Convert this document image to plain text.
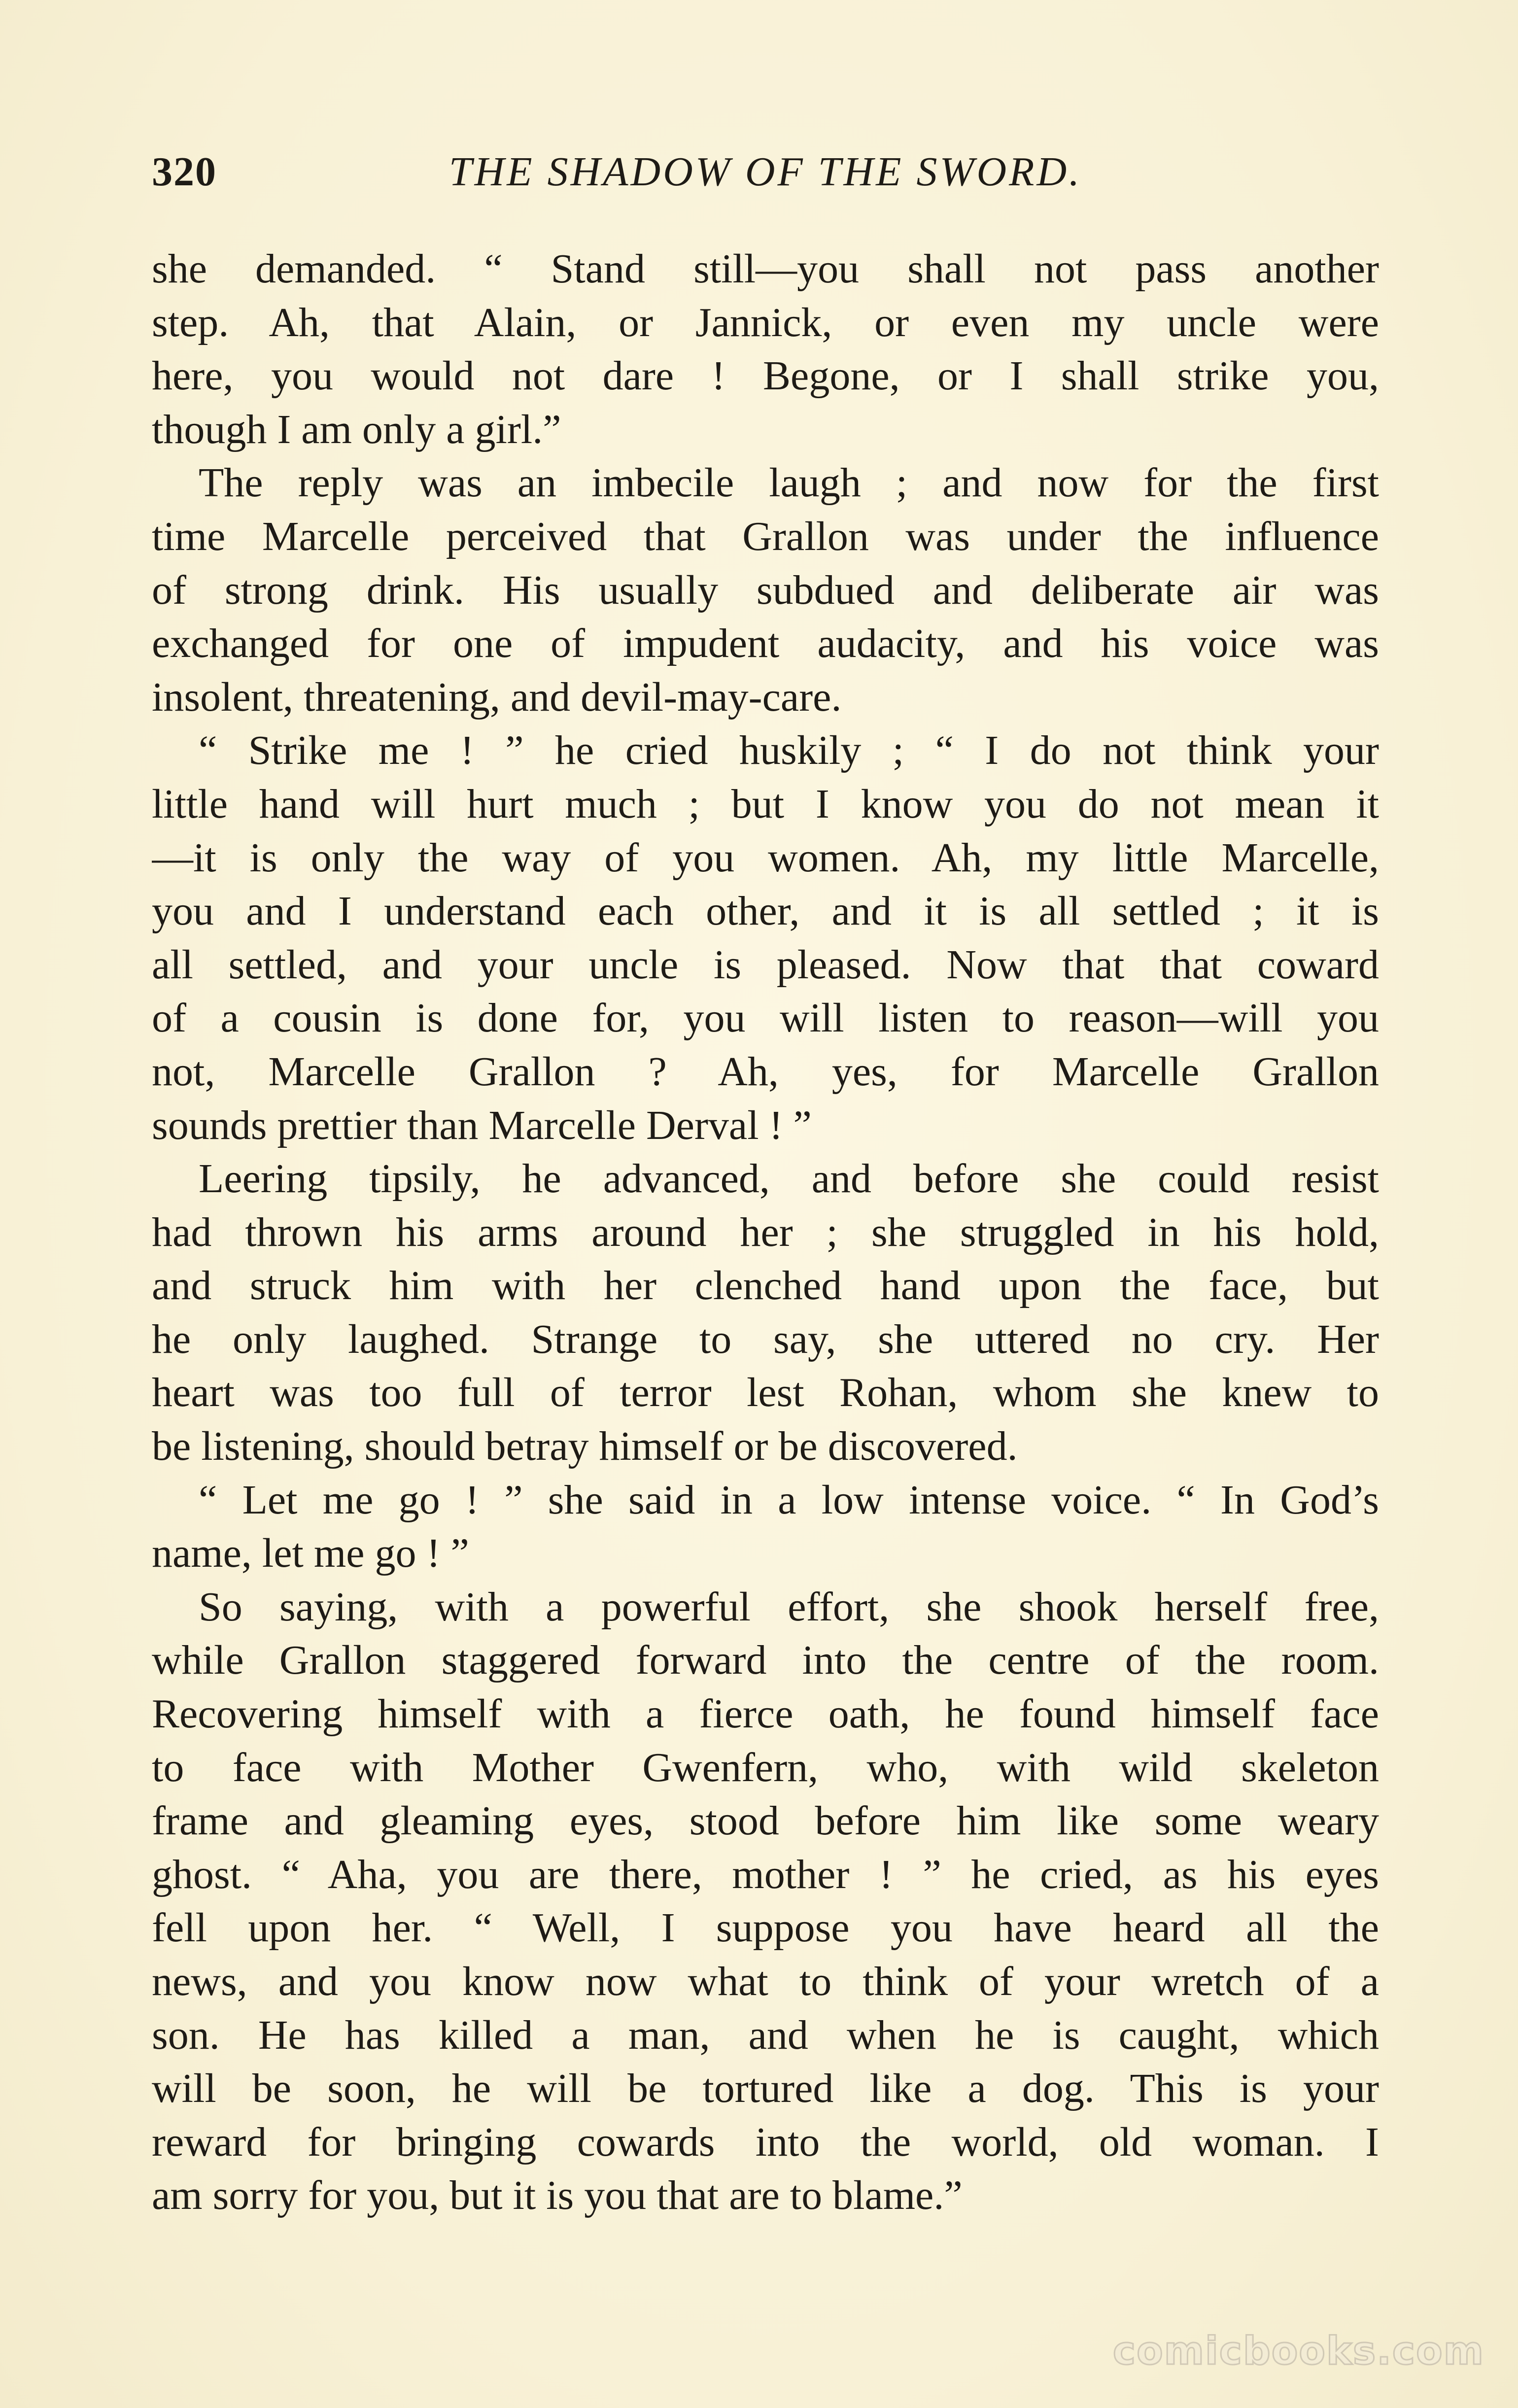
320	THE SHADOW OF THE SWORD.
she demanded. “ Stand still—you shall not pass another
step. Ah, that Alain, or Jannick, or even my uncle were
here, you would not dare ! Begone, or I shall strike you,
though I am only a girl.”
The reply was an imbecile laugh ; and now for the first
time Marcelle perceived that Grallon was under the influence
of strong drink. His usually subdued and deliberate air was
exchanged for one of impudent audacity, and his voice was
insolent, threatening, and devil-may-care.
“ Strike me ! ” he cried huskily ; “ I do not think your
little hand will hurt much ; but I know you do not mean it
—it is only the way of you women. Ah, my little Marcelle,
you and I understand each other, and it is all settled ; it is
all settled, and your uncle is pleased. Now that that coward
of a cousin is done for, you will listen to reason—will you
not, Marcelle Grallon ? Ah, yes, for Marcelle Grallon
sounds prettier than Marcelle Derval ! ”
Leering tipsily, he advanced, and before she could resist
had thrown his arms around her ; she struggled in his hold,
and struck him with her clenched hand upon the face, but
he only laughed. Strange to say, she uttered no cry. Her
heart was too full of terror lest Rohan, whom she knew to
be listening, should betray himself or be discovered.
“ Let me go ! ” she said in a low intense voice. “ In God’s
name, let me go ! ”
So saying, with a powerful effort, she shook herself free,
while Grallon staggered forward into the centre of the room.
Recovering himself with a fierce oath, he found himself face
to face with Mother Gwenfern, who, with wild skeleton
frame and gleaming eyes, stood before him like some weary
ghost. “ Aha, you are there, mother ! ” he cried, as his eyes
fell upon her. “ Well, I suppose you have heard all the
news, and you know now what to think of your wretch of a
son. He has killed a man, and when he is caught, which
will be soon, he will be tortured like a dog. This is your
reward for bringing cowards into the world, old woman. I
am sorry for you, but it is you that are to blame.”
comicbooks.com
